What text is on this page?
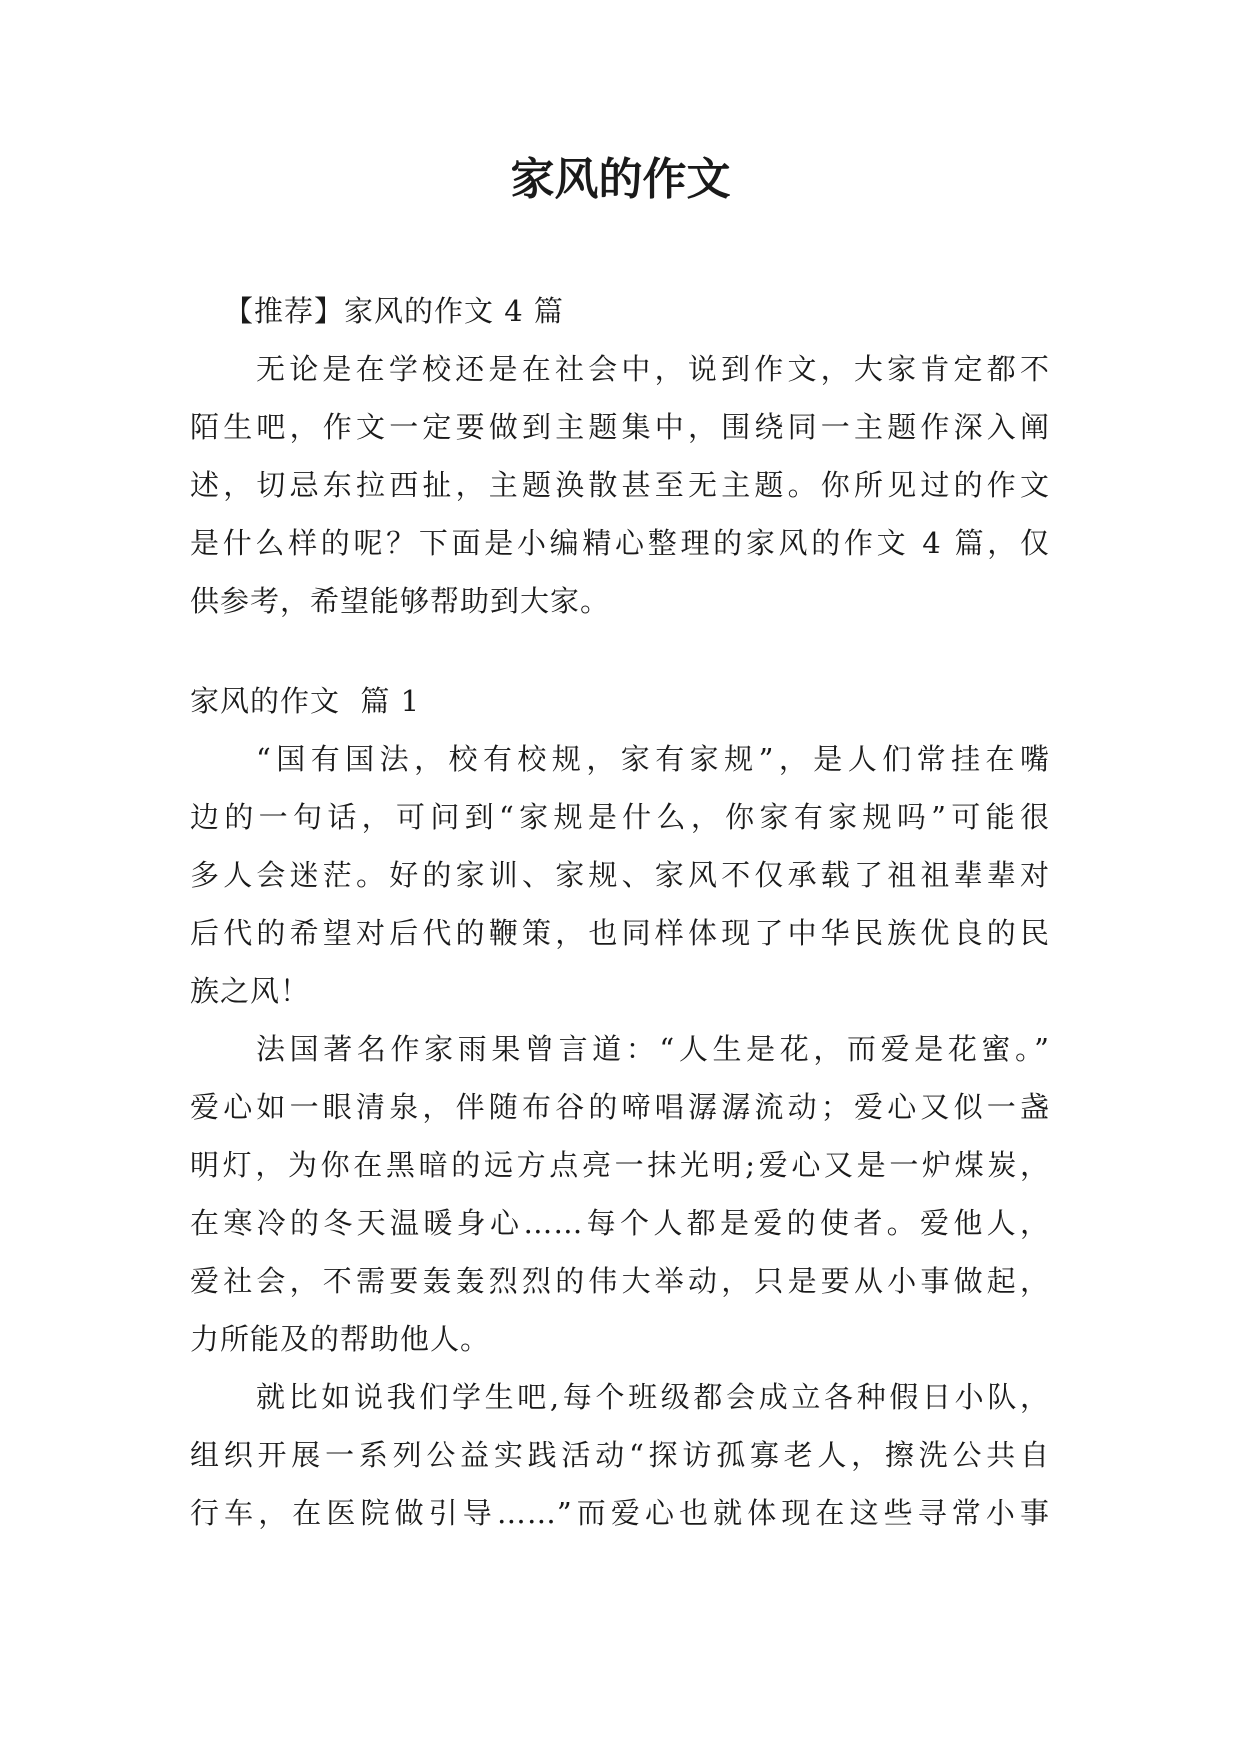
家风的作文
【推荐】家风的作文 4 篇
无论是在学校还是在社会中，说到作文，大家肯定都不
陌生吧，作文一定要做到主题集中，围绕同一主题作深入阐
述，切忌东拉西扯，主题涣散甚至无主题。你所见过的作文
是什么样的呢？下面是小编精心整理的家风的作文 4 篇，仅
供参考，希望能够帮助到大家。
家风的作文  篇 1
“国有国法，校有校规，家有家规”，是人们常挂在嘴
边的一句话，可问到“家规是什么，你家有家规吗”可能很
多人会迷茫。好的家训、家规、家风不仅承载了祖祖辈辈对
后代的希望对后代的鞭策，也同样体现了中华民族优良的民
族之风！
法国著名作家雨果曾言道：“人生是花，而爱是花蜜。”
爱心如一眼清泉，伴随布谷的啼唱潺潺流动；爱心又似一盏
明灯，为你在黑暗的远方点亮一抹光明;爱心又是一炉煤炭，
在寒冷的冬天温暖身心……每个人都是爱的使者。爱他人，
爱社会，不需要轰轰烈烈的伟大举动，只是要从小事做起，
力所能及的帮助他人。
就比如说我们学生吧,每个班级都会成立各种假日小队，
组织开展一系列公益实践活动“探访孤寡老人，擦洗公共自
行车，在医院做引导……”而爱心也就体现在这些寻常小事
